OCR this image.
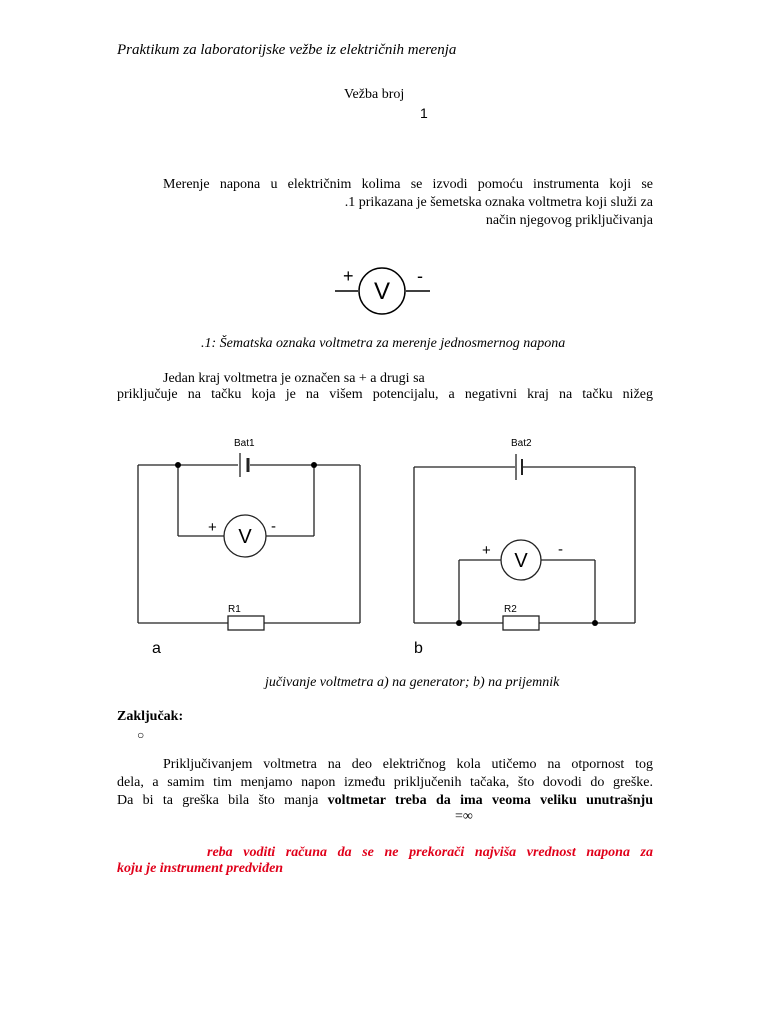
Praktikum za laboratorijske vežbe iz električnih merenja
Vežba broj
1
Merenje napona u električnim kolima se izvodi pomoću instrumenta koji se
.1 prikazana je šemetska oznaka voltmetra koji služi za
način njegovog priključivanja
+	-
V
.1: Šematska oznaka voltmetra za merenje jednosmernog napona
Jedan kraj voltmetra je označen sa + a drugi sa
priključuje na tačku koja je na višem potencijalu, a negativni kraj na tačku nižeg
Bat1
R1
+	-
V
a
Bat2
R2
+	-
V
b
jučivanje voltmetra a) na generator; b) na prijemnik
Zaključak:
○
Priključivanjem voltmetra na deo električnog kola utičemo na otpornost tog
dela, a samim tim menjamo napon između priključenih tačaka, što dovodi do greške.
Da bi ta greška bila što manja voltmetar treba da ima veoma veliku unutrašnju
=∞
reba voditi računa da se ne prekorači najviša vrednost napona za
koju je instrument predviđen
